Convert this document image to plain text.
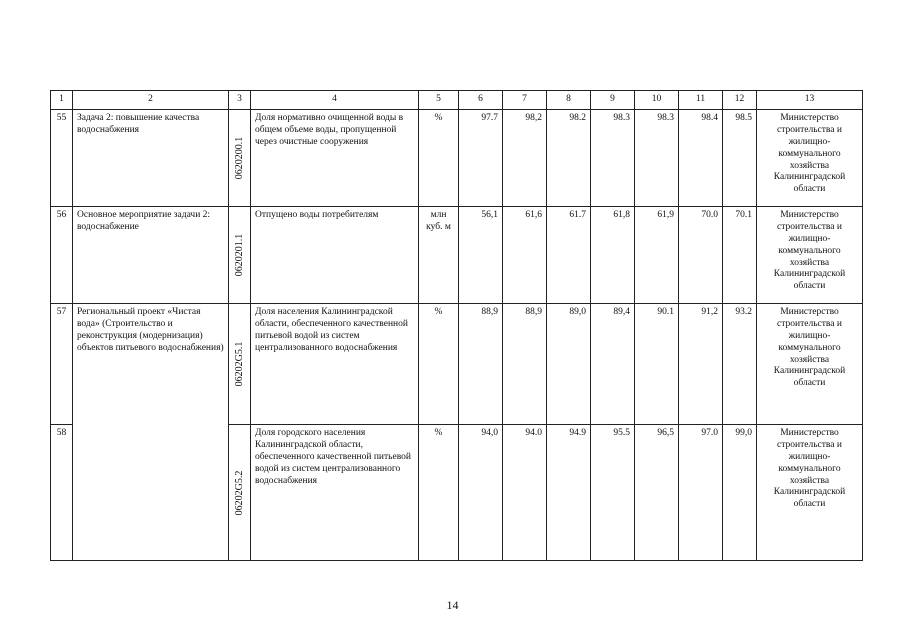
1	2	3	4	5	6	7	8	9	10	11	12	13
55	Задача 2: повышение качества водоснабжения	0620200.1	Доля нормативно очищенной воды в общем объеме воды, пропущенной через очистные сооружения	%	97.7	98,2	98.2	98.3	98.3	98.4	98.5	Министерство строительства и жилищно-коммунального хозяйства Калининградской области
56	Основное мероприятие задачи 2: водоснабжение	0620201.1	Отпущено воды потребителям	млн куб. м	56,1	61,6	61.7	61,8	61,9	70.0	70.1	Министерство строительства и жилищно-коммунального хозяйства Калининградской области
57	Региональный проект «Чистая вода» (Строительство и реконструкция (модернизация) объектов питьевого водоснабжения)	06202G5.1	Доля населения Калининградской области, обеспеченного качественной питьевой водой из систем централизованного водоснабжения	%	88,9	88,9	89,0	89,4	90.1	91,2	93.2	Министерство строительства и жилищно-коммунального хозяйства Калининградской области
58		06202G5.2	Доля городского населения Калининградской области, обеспеченного качественной питьевой водой из систем централизованного водоснабжения	%	94,0	94.0	94.9	95.5	96,5	97.0	99,0	Министерство строительства и жилищно-коммунального хозяйства Калининградской области
14
